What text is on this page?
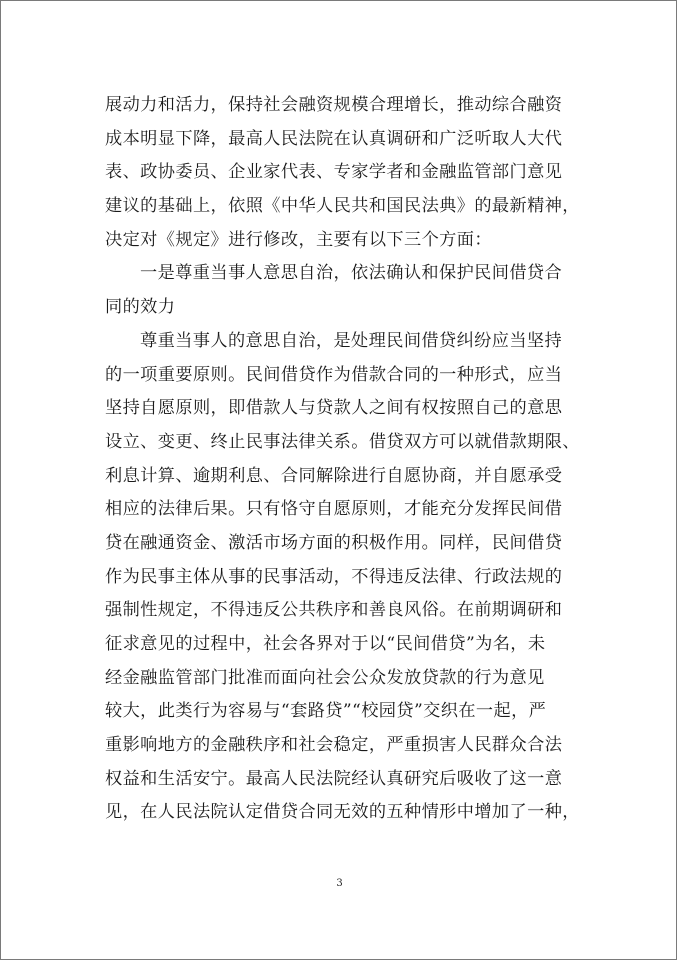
展动力和活力，保持社会融资规模合理增长，推动综合融资
成本明显下降，最高人民法院在认真调研和广泛听取人大代
表、政协委员、企业家代表、专家学者和金融监管部门意见
建议的基础上，依照《中华人民共和国民法典》的最新精神，
决定对《规定》进行修改，主要有以下三个方面：
一是尊重当事人意思自治，依法确认和保护民间借贷合
同的效力
尊重当事人的意思自治，是处理民间借贷纠纷应当坚持
的一项重要原则。民间借贷作为借款合同的一种形式，应当
坚持自愿原则，即借款人与贷款人之间有权按照自己的意思
设立、变更、终止民事法律关系。借贷双方可以就借款期限、
利息计算、逾期利息、合同解除进行自愿协商，并自愿承受
相应的法律后果。只有恪守自愿原则，才能充分发挥民间借
贷在融通资金、激活市场方面的积极作用。同样，民间借贷
作为民事主体从事的民事活动，不得违反法律、行政法规的
强制性规定，不得违反公共秩序和善良风俗。在前期调研和
征求意见的过程中，社会各界对于以“民间借贷”为名，未
经金融监管部门批准而面向社会公众发放贷款的行为意见
较大，此类行为容易与“套路贷”“校园贷”交织在一起，严
重影响地方的金融秩序和社会稳定，严重损害人民群众合法
权益和生活安宁。最高人民法院经认真研究后吸收了这一意
见，在人民法院认定借贷合同无效的五种情形中增加了一种，
3
